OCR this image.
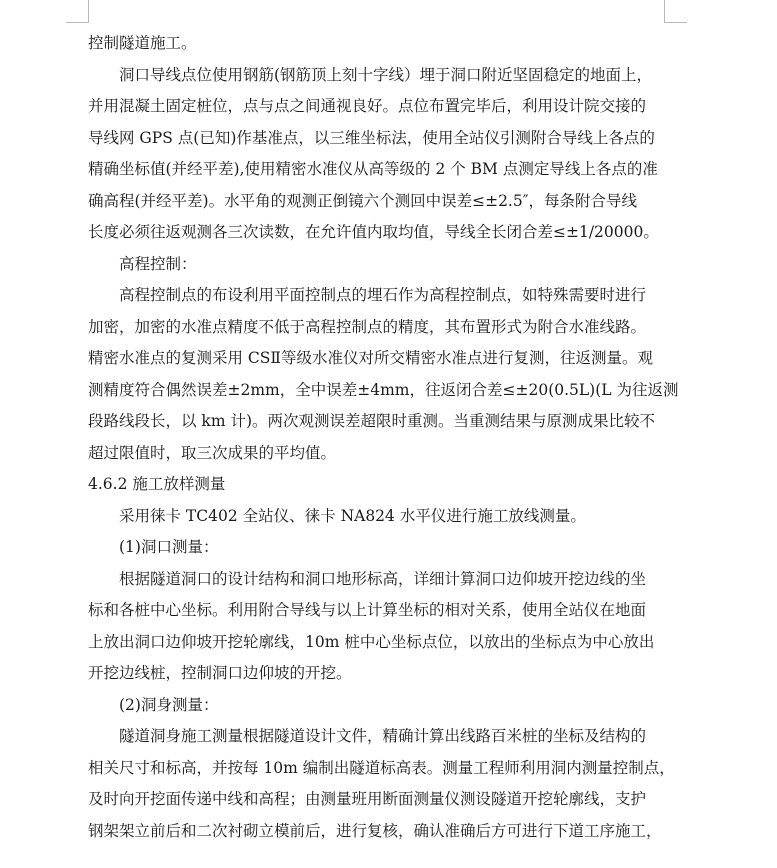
控制隧道施工。
洞口导线点位使用钢筋(钢筋顶上刻十字线）埋于洞口附近坚固稳定的地面上，
并用混凝土固定桩位，点与点之间通视良好。点位布置完毕后，利用设计院交接的
导线网 GPS 点(已知)作基准点，以三维坐标法，使用全站仪引测附合导线上各点的
精确坐标值(并经平差),使用精密水准仪从高等级的 2 个 BM 点测定导线上各点的准
确高程(并经平差)。水平角的观测正倒镜六个测回中误差≤±2.5″，每条附合导线
长度必须往返观测各三次读数，在允许值内取均值，导线全长闭合差≤±1/20000。
高程控制：
高程控制点的布设利用平面控制点的埋石作为高程控制点，如特殊需要时进行
加密，加密的水准点精度不低于高程控制点的精度，其布置形式为附合水准线路。
精密水准点的复测采用 CSⅡ等级水准仪对所交精密水准点进行复测，往返测量。观
测精度符合偶然误差±2mm，全中误差±4mm，往返闭合差≤±20(0.5L)(L 为往返测
段路线段长，以 km 计)。两次观测误差超限时重测。当重测结果与原测成果比较不
超过限值时，取三次成果的平均值。
4.6.2 施工放样测量
采用徕卡 TC402 全站仪、徕卡 NA824 水平仪进行施工放线测量。
(1)洞口测量：
根据隧道洞口的设计结构和洞口地形标高，详细计算洞口边仰坡开挖边线的坐
标和各桩中心坐标。利用附合导线与以上计算坐标的相对关系，使用全站仪在地面
上放出洞口边仰坡开挖轮廓线，10m 桩中心坐标点位，以放出的坐标点为中心放出
开挖边线桩，控制洞口边仰坡的开挖。
(2)洞身测量：
隧道洞身施工测量根据隧道设计文件，精确计算出线路百米桩的坐标及结构的
相关尺寸和标高，并按每 10m 编制出隧道标高表。测量工程师利用洞内测量控制点，
及时向开挖面传递中线和高程；由测量班用断面测量仪测设隧道开挖轮廓线，支护
钢架架立前后和二次衬砌立模前后，进行复核，确认准确后方可进行下道工序施工，
